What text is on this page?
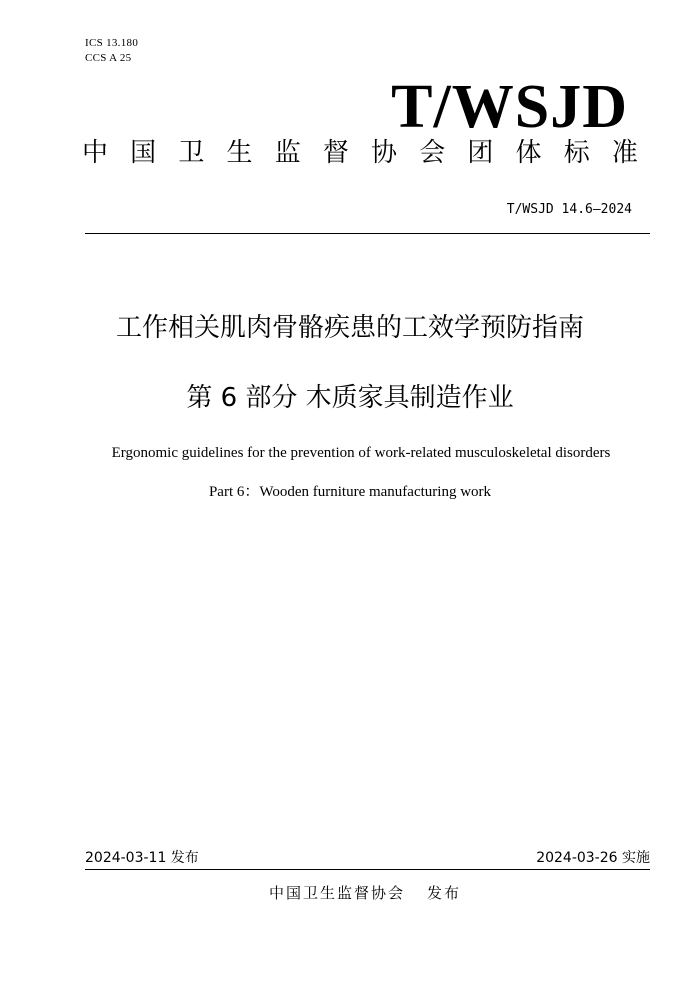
ICS 13.180
CCS A 25
T/WSJD
中 国 卫 生 监 督 协 会 团 体 标 准
T/WSJD 14.6—2024
工作相关肌肉骨骼疾患的工效学预防指南
第 6 部分 木质家具制造作业
Ergonomic guidelines for the prevention of work-related musculoskeletal disorders
Part 6：Wooden furniture manufacturing work
2024-03-11 发布	2024-03-26 实施
中国卫生监督协会 发布
